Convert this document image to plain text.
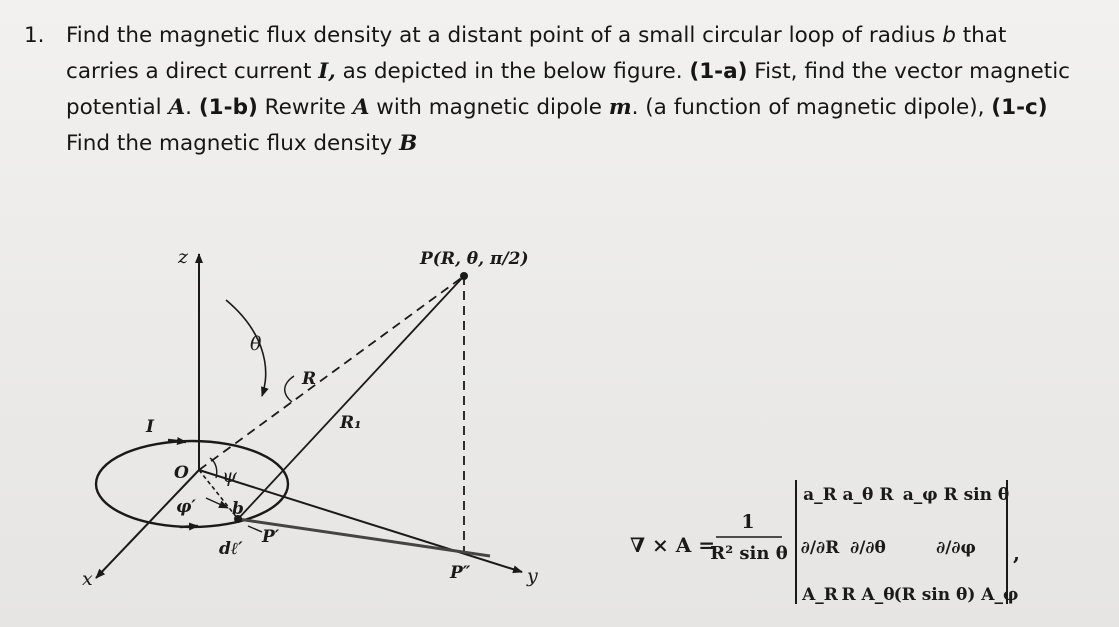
1. Find the magnetic flux density at a distant point of a small circular loop of radius b that
carries a direct current I, as depicted in the below figure. (1-a) Fist, find the vector magnetic
potential A. (1-b) Rewrite A with magnetic dipole m. (a function of magnetic dipole), (1-c)
Find the magnetic flux density B
z
x	y
P(R, θ, π/2)
θ
R
R₁
I
O ψ
φ′ b
dℓ′
P′
P″
∇ × A =
1
R² sin θ
a_R a_θ R a_φ R sin θ
∂/∂R ∂/∂θ	∂/∂φ
A_R R A_θ (R sin θ) A_φ
,
